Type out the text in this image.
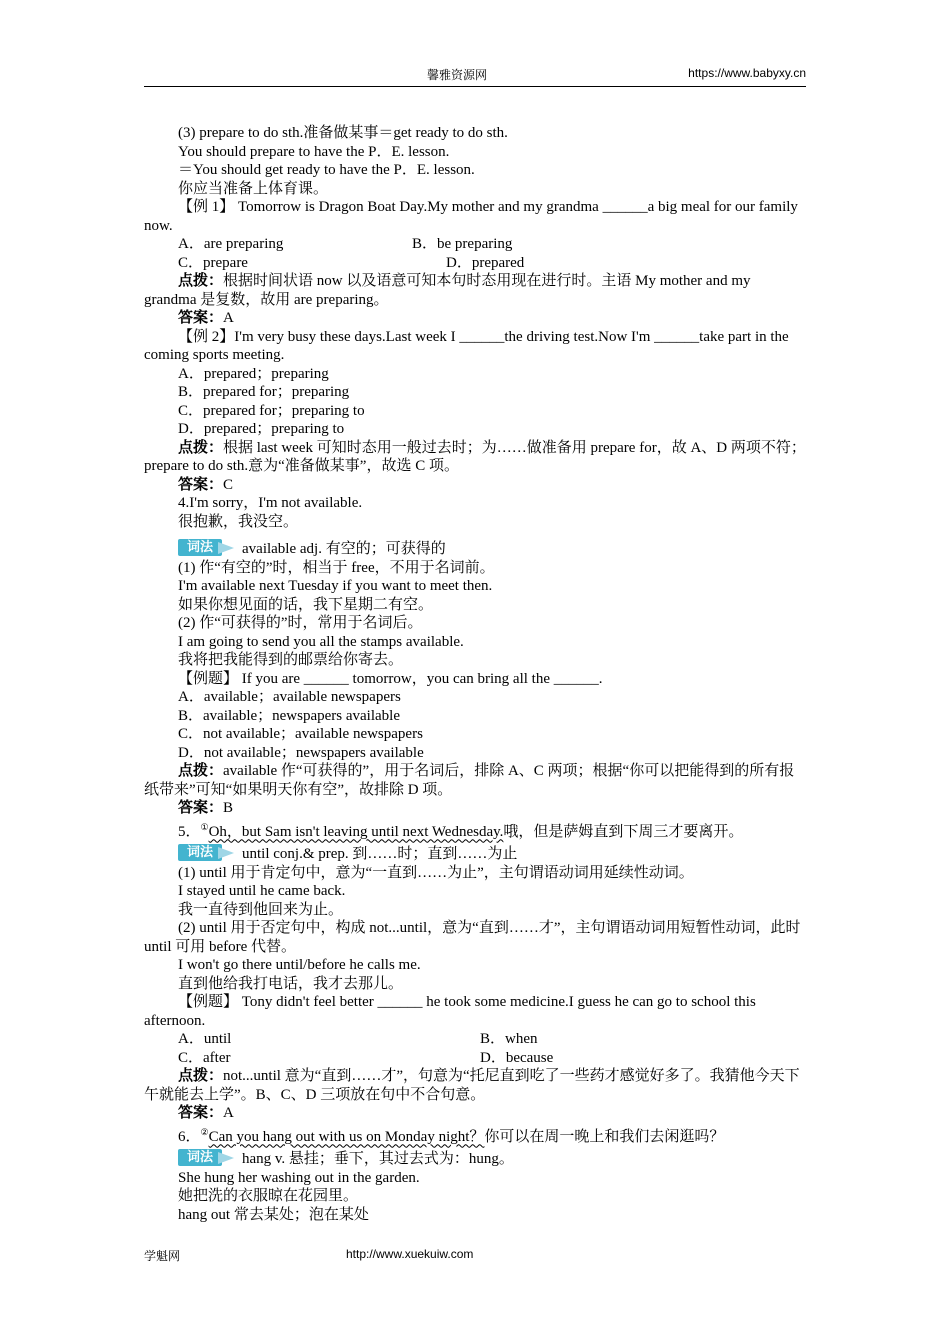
馨雅资源网	https://www.babyxy.cn

(3) prepare to do sth.准备做某事＝get ready to do sth.

You should prepare to have the P．E. lesson.

＝You should get ready to have the P．E. lesson.

你应当准备上体育课。

【例 1】 Tomorrow is Dragon Boat Day.My mother and my grandma ______a big meal for our family now.

A．are preparing	B．be preparing
C．prepare	D．prepared

点拨：根据时间状语 now 以及语意可知本句时态用现在进行时。主语 My mother and my grandma 是复数，故用 are preparing。

答案：A

【例 2】I'm very busy these days.Last week I ______the driving test.Now I'm ______take part in the coming sports meeting.

A．prepared；preparing

B．prepared for；preparing

C．prepared for；preparing to

D．prepared；preparing to

点拨：根据 last week 可知时态用一般过去时；为……做准备用 prepare for，故 A、D 两项不符；prepare to do sth.意为“准备做某事”，故选 C 项。

答案：C

4.I'm sorry，I'm not available.

很抱歉，我没空。

词法	available adj. 有空的；可获得的

(1) 作“有空的”时，相当于 free，不用于名词前。

I'm available next Tuesday if you want to meet then.

如果你想见面的话，我下星期二有空。

(2) 作“可获得的”时，常用于名词后。

I am going to send you all the stamps available.

我将把我能得到的邮票给你寄去。

【例题】 If you are ______ tomorrow，you can bring all the ______.

A．available；available newspapers

B．available；newspapers available

C．not available；available newspapers

D．not available；newspapers available

点拨：available 作“可获得的”，用于名词后，排除 A、C 两项；根据“你可以把能得到的所有报纸带来”可知“如果明天你有空”，故排除 D 项。

答案：B

5．①Oh，but Sam isn't leaving until next Wednesday.哦，但是萨姆直到下周三才要离开。

词法	until conj.& prep. 到……时；直到……为止

(1) until 用于肯定句中，意为“一直到……为止”，主句谓语动词用延续性动词。

I stayed until he came back.

我一直待到他回来为止。

(2) until 用于否定句中，构成 not...until，意为“直到……才”，主句谓语动词用短暂性动词，此时 until 可用 before 代替。

I won't go there until/before he calls me.

直到他给我打电话，我才去那儿。

【例题】 Tony didn't feel better ______ he took some medicine.I guess he can go to school this afternoon.

A．until	B．when
C．after	D．because

点拨：not...until 意为“直到……才”，句意为“托尼直到吃了一些药才感觉好多了。我猜他今天下午就能去上学”。B、C、D 三项放在句中不合句意。

答案：A

6．②Can you hang out with us on Monday night？你可以在周一晚上和我们去闲逛吗？

词法	hang v. 悬挂；垂下，其过去式为：hung。

She hung her washing out in the garden.

她把洗的衣服晾在花园里。

hang out 常去某处；泡在某处

学魁网	http://www.xuekuiw.com
